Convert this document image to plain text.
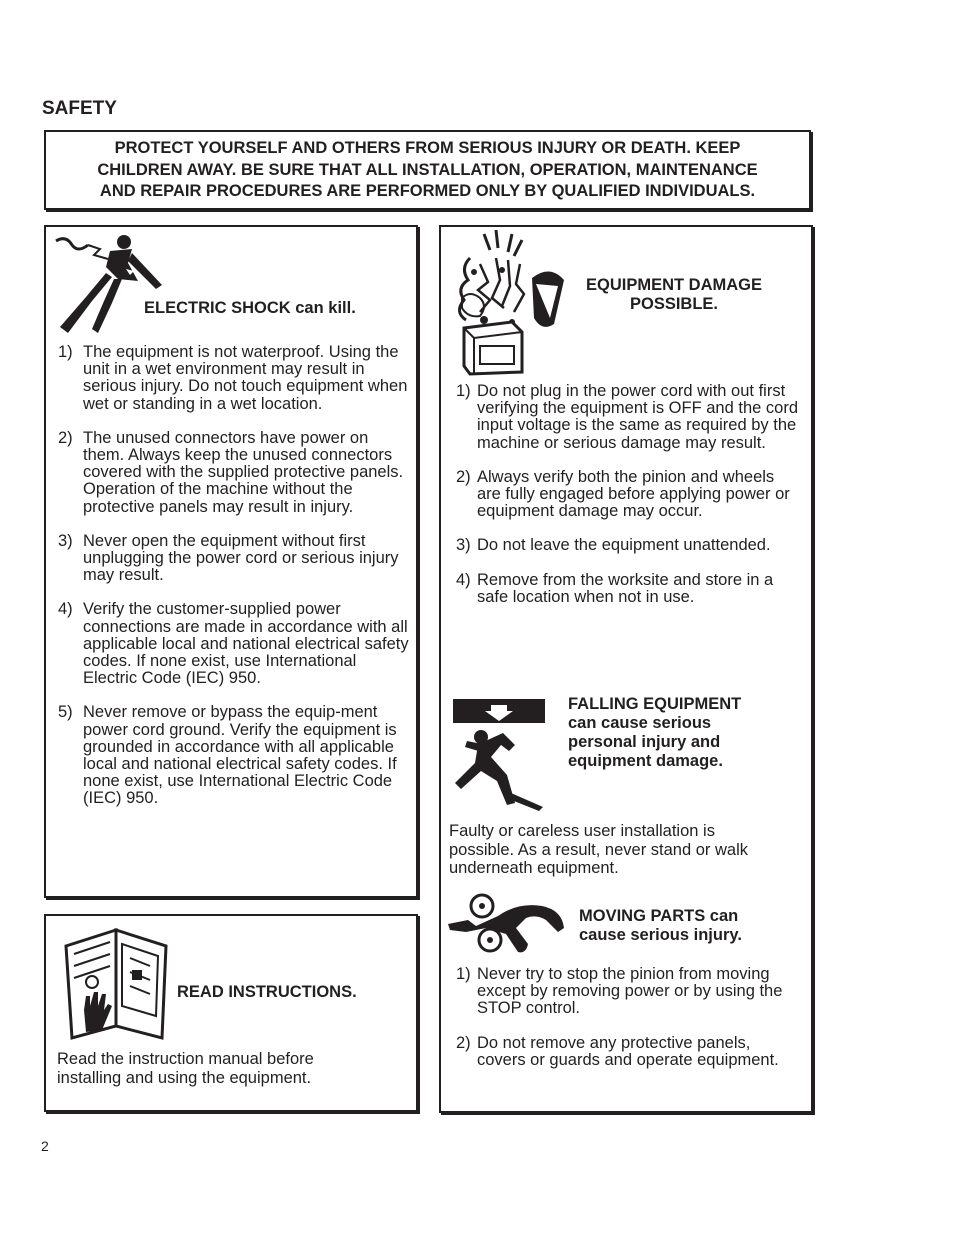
SAFETY

PROTECT YOURSELF AND OTHERS FROM SERIOUS INJURY OR DEATH. KEEP
CHILDREN AWAY. BE SURE THAT ALL INSTALLATION, OPERATION, MAINTENANCE
AND REPAIR PROCEDURES ARE PERFORMED ONLY BY QUALIFIED INDIVIDUALS.

ELECTRIC SHOCK can kill.

1) The equipment is not waterproof. Using the unit in a wet environment may result in serious injury. Do not touch equipment when wet or standing in a wet location.
2) The unused connectors have power on them. Always keep the unused connectors covered with the supplied protective panels. Operation of the machine without the protective panels may result in injury.
3) Never open the equipment without first unplugging the power cord or serious injury may result.
4) Verify the customer-supplied power connections are made in accordance with all applicable local and national electrical safety codes. If none exist, use International Electric Code (IEC) 950.
5) Never remove or bypass the equip-ment power cord ground. Verify the equipment is grounded in accordance with all applicable local and national electrical safety codes. If none exist, use International Electric Code (IEC) 950.

READ INSTRUCTIONS.

Read the instruction manual before installing and using the equipment.

EQUIPMENT DAMAGE
POSSIBLE.

1) Do not plug in the power cord with out first verifying the equipment is OFF and the cord input voltage is the same as required by the machine or serious damage may result.
2) Always verify both the pinion and wheels are fully engaged before applying power or equipment damage may occur.
3) Do not leave the equipment unattended.
4) Remove from the worksite and store in a safe location when not in use.

FALLING EQUIPMENT
can cause serious
personal injury and
equipment damage.

Faulty or careless user installation is possible. As a result, never stand or walk underneath equipment.

MOVING PARTS can
cause serious injury.

1) Never try to stop the pinion from moving except by removing power or by using the STOP control.
2) Do not remove any protective panels, covers or guards and operate equipment.
2
